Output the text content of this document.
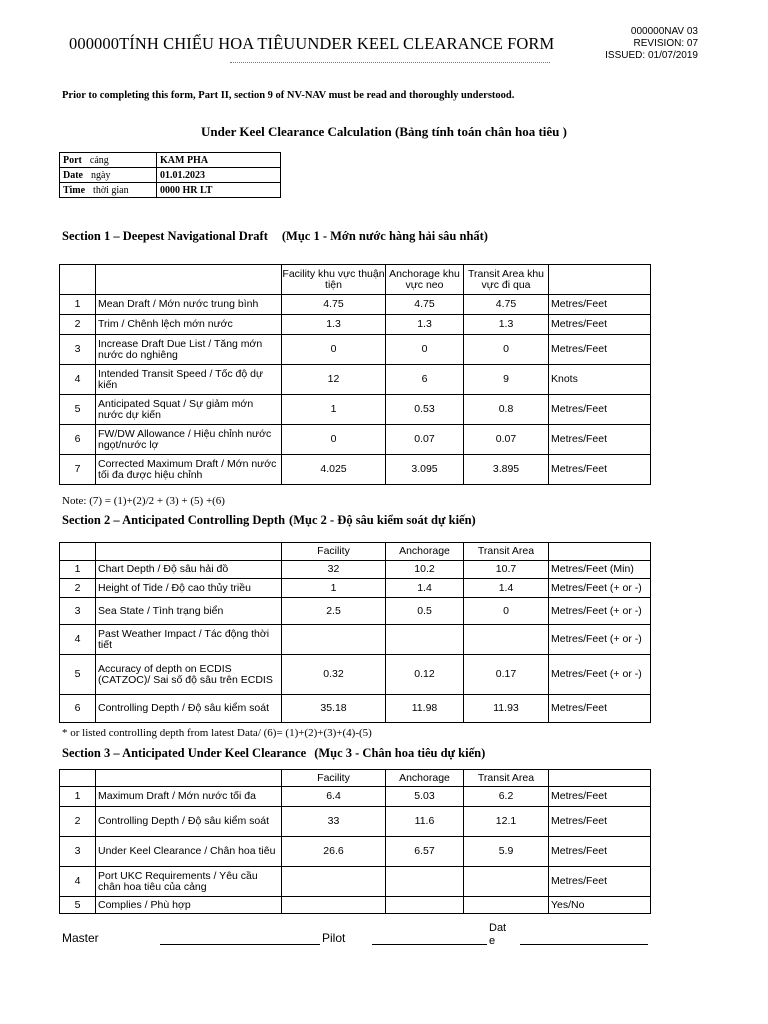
000000TÍNH CHIẾU HOA TIÊUUNDER KEEL CLEARANCE FORM
000000NAV 03
REVISION: 07
ISSUED: 01/07/2019
Prior to completing this form, Part II, section 9 of NV-NAV must be read and thoroughly understood.
Under Keel Clearance Calculation (Bảng tính toán chân hoa tiêu )
Port cảng	KAM PHA
Date ngày	01.01.2023
Time thời gian	0000 HR LT
Section 1 – Deepest Navigational Draft (Mục 1 - Mớn nước hàng hải sâu nhất)
		Facility khu vực thuận tiện	Anchorage khu vực neo	Transit Area khu vực đi qua	
1	Mean Draft / Mớn nước trung bình	4.75	4.75	4.75	Metres/Feet
2	Trim / Chênh lệch mớn nước	1.3	1.3	1.3	Metres/Feet
3	Increase Draft Due List / Tăng mớn nước do nghiêng	0	0	0	Metres/Feet
4	Intended Transit Speed / Tốc độ dự kiến	12	6	9	Knots
5	Anticipated Squat / Sự giảm mớn nước dự kiến	1	0.53	0.8	Metres/Feet
6	FW/DW Allowance / Hiệu chỉnh nước ngọt/nước lợ	0	0.07	0.07	Metres/Feet
7	Corrected Maximum Draft / Mớn nước tối đa được hiệu chỉnh	4.025	3.095	3.895	Metres/Feet
Note: (7) = (1)+(2)/2 + (3) + (5) +(6)
Section 2 – Anticipated Controlling Depth (Mục 2 - Độ sâu kiểm soát dự kiến)
		Facility	Anchorage	Transit Area	
1	Chart Depth / Độ sâu hải đồ	32	10.2	10.7	Metres/Feet (Min)
2	Height of Tide / Độ cao thủy triều	1	1.4	1.4	Metres/Feet (+ or -)
3	Sea State / Tình trạng biển	2.5	0.5	0	Metres/Feet (+ or -)
4	Past Weather Impact / Tác động thời tiết				Metres/Feet (+ or -)
5	Accuracy of depth on ECDIS (CATZOC)/ Sai số độ sâu trên ECDIS	0.32	0.12	0.17	Metres/Feet (+ or -)
6	Controlling Depth / Độ sâu kiểm soát	35.18	11.98	11.93	Metres/Feet
* or listed controlling depth from latest Data/ (6)= (1)+(2)+(3)+(4)-(5)
Section 3 – Anticipated Under Keel Clearance (Mục 3 - Chân hoa tiêu dự kiến)
		Facility	Anchorage	Transit Area	
1	Maximum Draft / Mớn nước tối đa	6.4	5.03	6.2	Metres/Feet
2	Controlling Depth / Độ sâu kiểm soát	33	11.6	12.1	Metres/Feet
3	Under Keel Clearance / Chân hoa tiêu	26.6	6.57	5.9	Metres/Feet
4	Port UKC Requirements / Yêu cầu chân hoa tiêu của cảng				Metres/Feet
5	Complies / Phù hợp				Yes/No
Master	Pilot
Dat e
